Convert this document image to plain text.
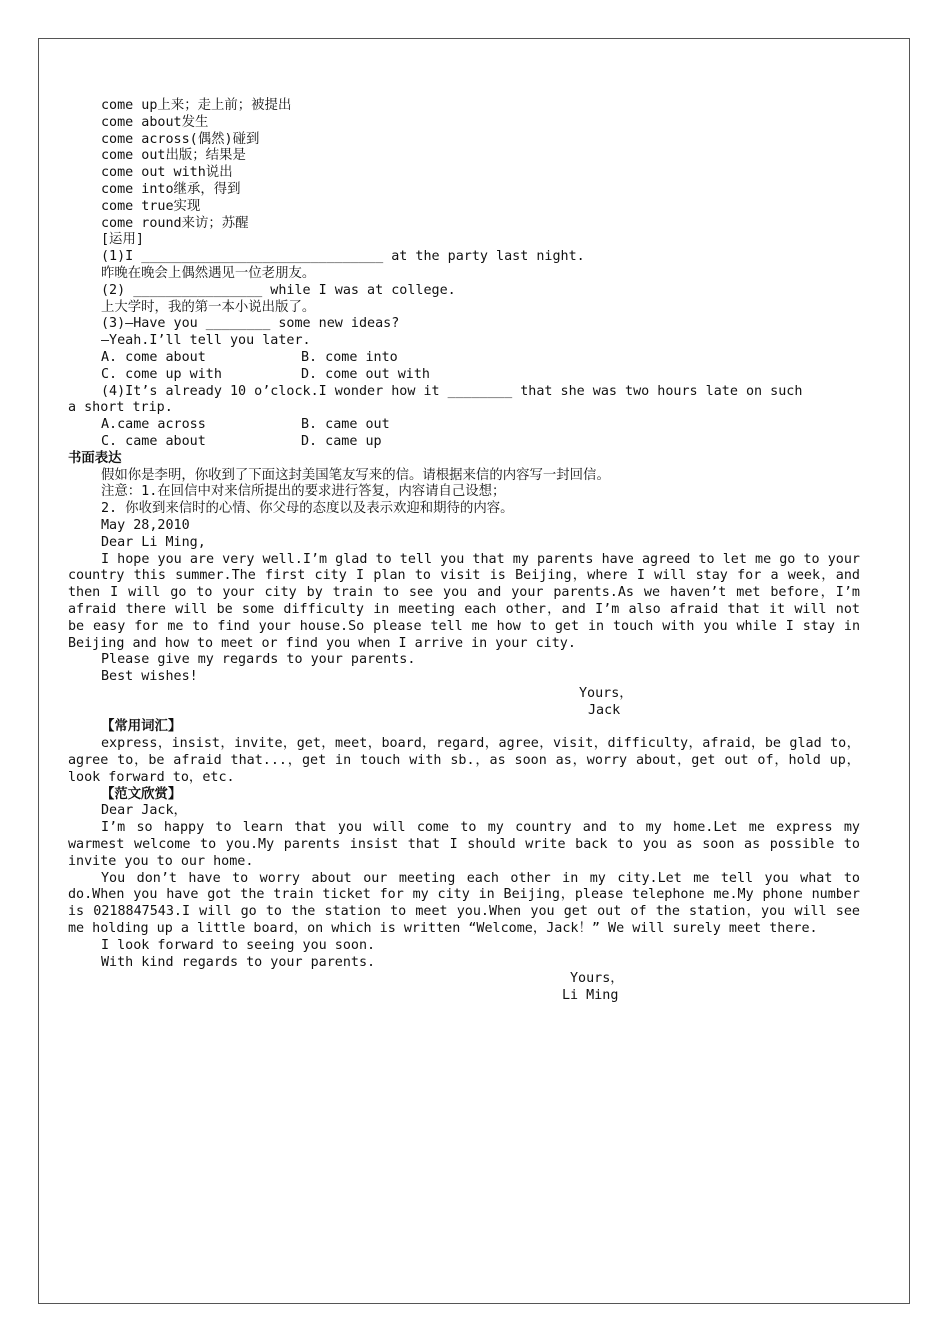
come up上来；走上前；被提出
come about发生
come across(偶然)碰到
come out出版；结果是
come out with说出
come into继承，得到
come true实现
come round来访；苏醒
[运用]
(1)I ______________________________ at the party last night.
昨晚在晚会上偶然遇见一位老朋友。
(2) ________________ while I was at college.
上大学时，我的第一本小说出版了。
(3)—Have you ________ some new ideas?
—Yeah.I’ll tell you later.
A. come about	B. come into
C. come up with	D. come out with
(4)It’s already 10 o’clock.I wonder how it ________ that she was two hours late on such
a short trip.
A.came across	B. came out
C. came about	D. came up
书面表达
假如你是李明，你收到了下面这封美国笔友写来的信。请根据来信的内容写一封回信。
注意：1.在回信中对来信所提出的要求进行答复，内容请自己设想；
2. 你收到来信时的心情、你父母的态度以及表示欢迎和期待的内容。
May 28,2010
Dear Li Ming,
I hope you are very well.I’m glad to tell you that my parents have agreed to let me go to your country this summer.The first city I plan to visit is Beijing，where I will stay for a week，and then I will go to your city by train to see you and your parents.As we haven’t met before，I’m afraid there will be some difficulty in meeting each other，and I’m also afraid that it will not be easy for me to find your house.So please tell me how to get in touch with you while I stay in Beijing and how to meet or find you when I arrive in your city.
Please give my regards to your parents.
Best wishes!
Yours，
Jack
【常用词汇】
express，insist，invite，get，meet，board，regard，agree，visit，difficulty，afraid，be glad to，agree to，be afraid that...，get in touch with sb.，as soon as，worry about，get out of，hold up，look forward to，etc.
【范文欣赏】
Dear Jack，
I’m so happy to learn that you will come to my country and to my home.Let me express my warmest welcome to you.My parents insist that I should write back to you as soon as possible to invite you to our home.
You don’t have to worry about our meeting each other in my city.Let me tell you what to do.When you have got the train ticket for my city in Beijing，please telephone me.My phone number is 0218847543.I will go to the station to meet you.When you get out of the station，you will see me holding up a little board，on which is written “Welcome，Jack！” We will surely meet there.
I look forward to seeing you soon.
With kind regards to your parents.
Yours，
Li Ming
